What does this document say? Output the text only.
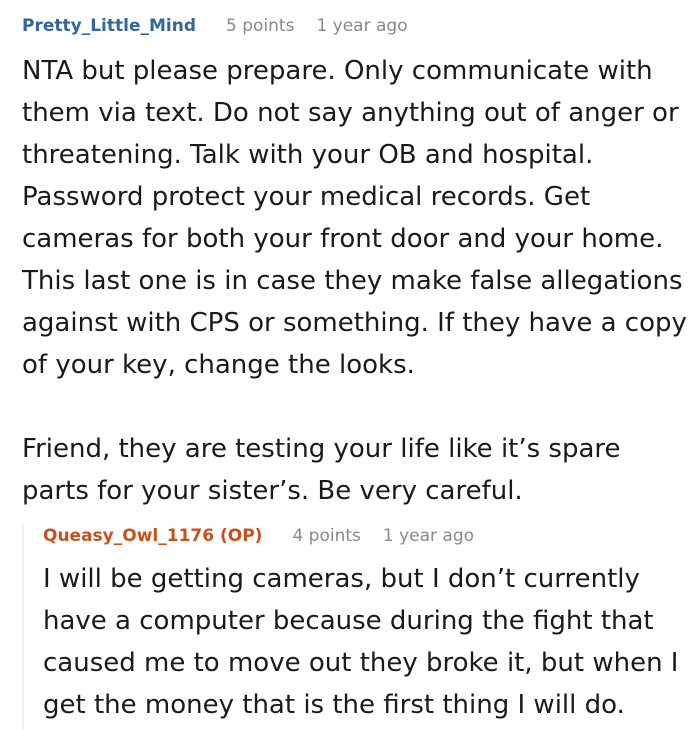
Pretty_Little_Mind 5 points 1 year ago

NTA but please prepare. Only communicate with them via text. Do not say anything out of anger or threatening. Talk with your OB and hospital. Password protect your medical records. Get cameras for both your front door and your home. This last one is in case they make false allegations against with CPS or something. If they have a copy of your key, change the looks.

Friend, they are testing your life like it’s spare parts for your sister’s. Be very careful.

Queasy_Owl_1176 (OP) 4 points 1 year ago

I will be getting cameras, but I don’t currently have a computer because during the fight that caused me to move out they broke it, but when I get the money that is the first thing I will do.
